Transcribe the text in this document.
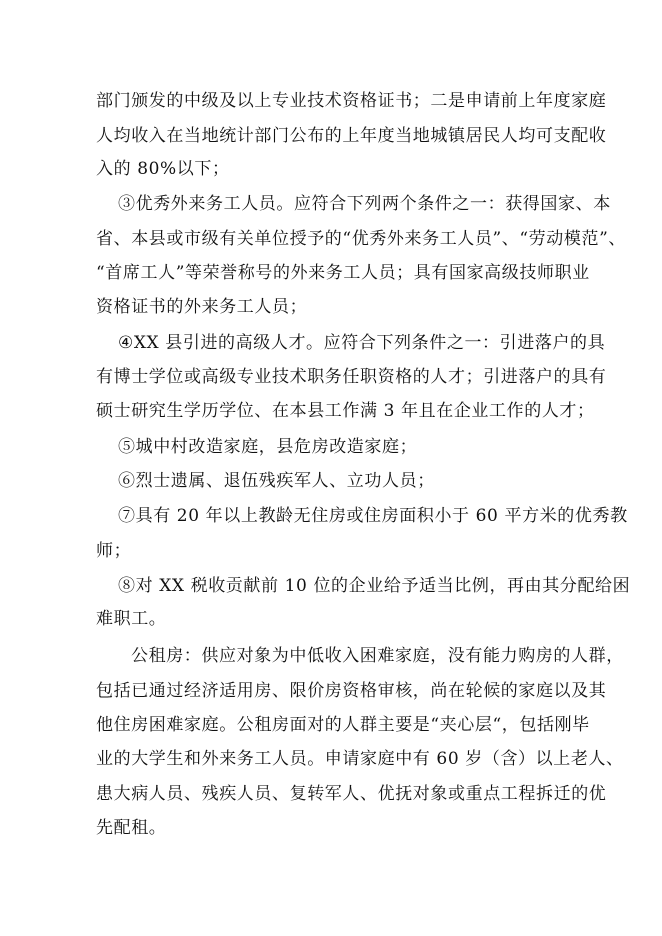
部门颁发的中级及以上专业技术资格证书；二是申请前上年度家庭
人均收入在当地统计部门公布的上年度当地城镇居民人均可支配收
入的 80%以下；
③优秀外来务工人员。应符合下列两个条件之一：获得国家、本
省、本县或市级有关单位授予的“优秀外来务工人员”、“劳动模范”、
“首席工人”等荣誉称号的外来务工人员；具有国家高级技师职业
资格证书的外来务工人员；
④XX 县引进的高级人才。应符合下列条件之一：引进落户的具
有博士学位或高级专业技术职务任职资格的人才；引进落户的具有
硕士研究生学历学位、在本县工作满 3 年且在企业工作的人才；
⑤城中村改造家庭，县危房改造家庭；
⑥烈士遗属、退伍残疾军人、立功人员；
⑦具有 20 年以上教龄无住房或住房面积小于 60 平方米的优秀教
师；
⑧对 XX 税收贡献前 10 位的企业给予适当比例，再由其分配给困
难职工。
公租房：供应对象为中低收入困难家庭，没有能力购房的人群，
包括已通过经济适用房、限价房资格审核，尚在轮候的家庭以及其
他住房困难家庭。公租房面对的人群主要是“夹心层“，包括刚毕
业的大学生和外来务工人员。申请家庭中有 60 岁（含）以上老人、
患大病人员、残疾人员、复转军人、优抚对象或重点工程拆迁的优
先配租。
